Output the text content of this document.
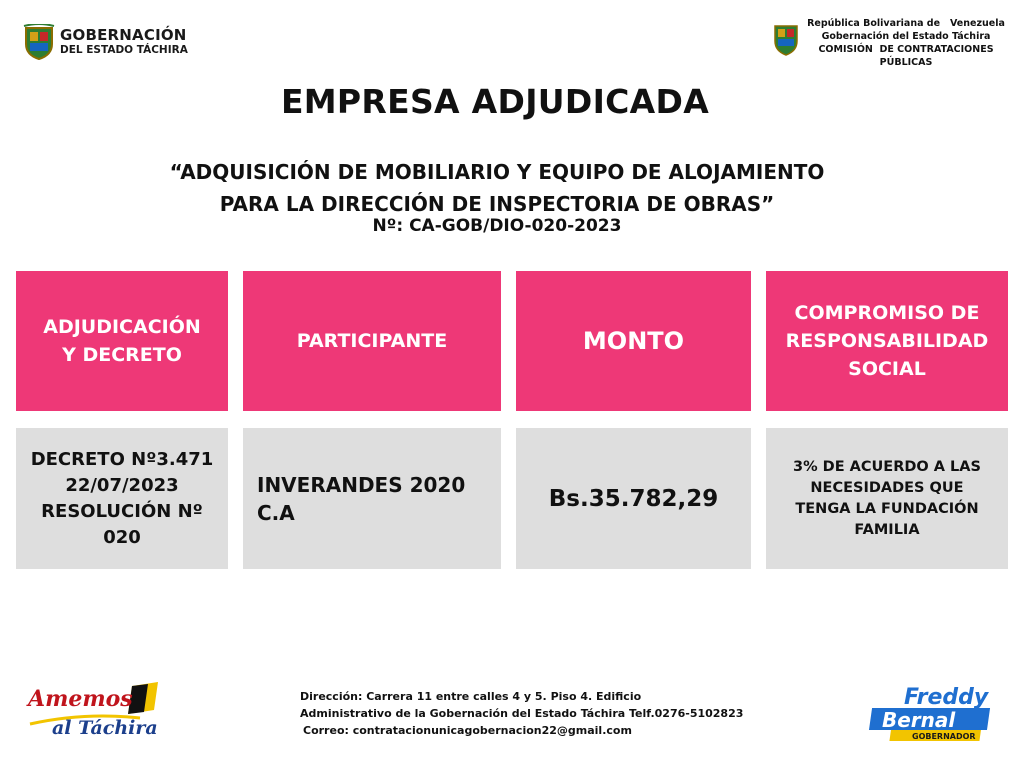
GOBERNACIÓN
DEL ESTADO TÁCHIRA
República Bolivariana de   Venezuela
Gobernación del Estado Táchira
COMISIÓN  DE CONTRATACIONES
PÚBLICAS
EMPRESA ADJUDICADA
“ADQUISICIÓN DE MOBILIARIO Y EQUIPO DE ALOJAMIENTO
PARA LA DIRECCIÓN DE INSPECTORIA DE OBRAS”
Nº: CA-GOB/DIO-020-2023
ADJUDICACIÓN
Y DECRETO
PARTICIPANTE	MONTO
COMPROMISO DE
RESPONSABILIDAD
SOCIAL
DECRETO Nº3.471
22/07/2023
RESOLUCIÓN Nº
020
INVERANDES 2020
C.A
Bs.35.782,29
3% DE ACUERDO A LAS
NECESIDADES QUE
TENGA LA FUNDACIÓN
FAMILIA
Amemos
al Táchira
Dirección: Carrera 11 entre calles 4 y 5. Piso 4. Edificio
Administrativo de la Gobernación del Estado Táchira Telf.0276-5102823
Correo: contratacionunicagobernacion22@gmail.com
Freddy
Bernal
GOBERNADOR
